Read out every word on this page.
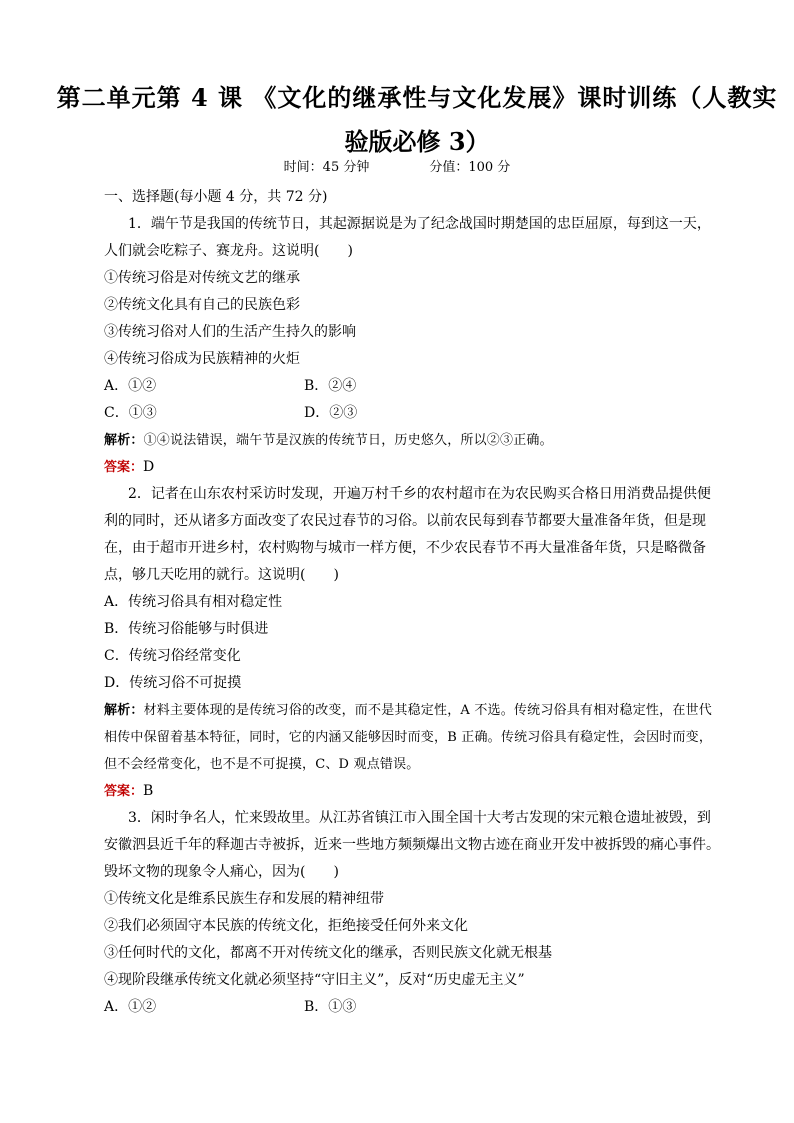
第二单元第 4 课 《文化的继承性与文化发展》课时训练（人教实
验版必修 3）
时间：45 分钟	分值：100 分

一、选择题(每小题 4 分，共 72 分)

1．端午节是我国的传统节日，其起源据说是为了纪念战国时期楚国的忠臣屈原，每到这一天，人们就会吃粽子、赛龙舟。这说明(　　)

①传统习俗是对传统文艺的继承

②传统文化具有自己的民族色彩

③传统习俗对人们的生活产生持久的影响

④传统习俗成为民族精神的火炬

A．①②	B．②④
C．①③	D．②③

解析：①④说法错误，端午节是汉族的传统节日，历史悠久，所以②③正确。

答案：D

2．记者在山东农村采访时发现，开遍万村千乡的农村超市在为农民购买合格日用消费品提供便利的同时，还从诸多方面改变了农民过春节的习俗。以前农民每到春节都要大量准备年货，但是现在，由于超市开进乡村，农村购物与城市一样方便，不少农民春节不再大量准备年货，只是略微备点，够几天吃用的就行。这说明(　　)

A．传统习俗具有相对稳定性

B．传统习俗能够与时俱进

C．传统习俗经常变化

D．传统习俗不可捉摸

解析：材料主要体现的是传统习俗的改变，而不是其稳定性，A 不选。传统习俗具有相对稳定性，在世代相传中保留着基本特征，同时，它的内涵又能够因时而变，B 正确。传统习俗具有稳定性，会因时而变，但不会经常变化，也不是不可捉摸，C、D 观点错误。

答案：B

3．闲时争名人，忙来毁故里。从江苏省镇江市入围全国十大考古发现的宋元粮仓遗址被毁，到安徽泗县近千年的释迦古寺被拆，近来一些地方频频爆出文物古迹在商业开发中被拆毁的痛心事件。毁坏文物的现象令人痛心，因为(　　)

①传统文化是维系民族生存和发展的精神纽带

②我们必须固守本民族的传统文化，拒绝接受任何外来文化

③任何时代的文化，都离不开对传统文化的继承，否则民族文化就无根基

④现阶段继承传统文化就必须坚持“守旧主义”，反对“历史虚无主义”

A．①②	B．①③
